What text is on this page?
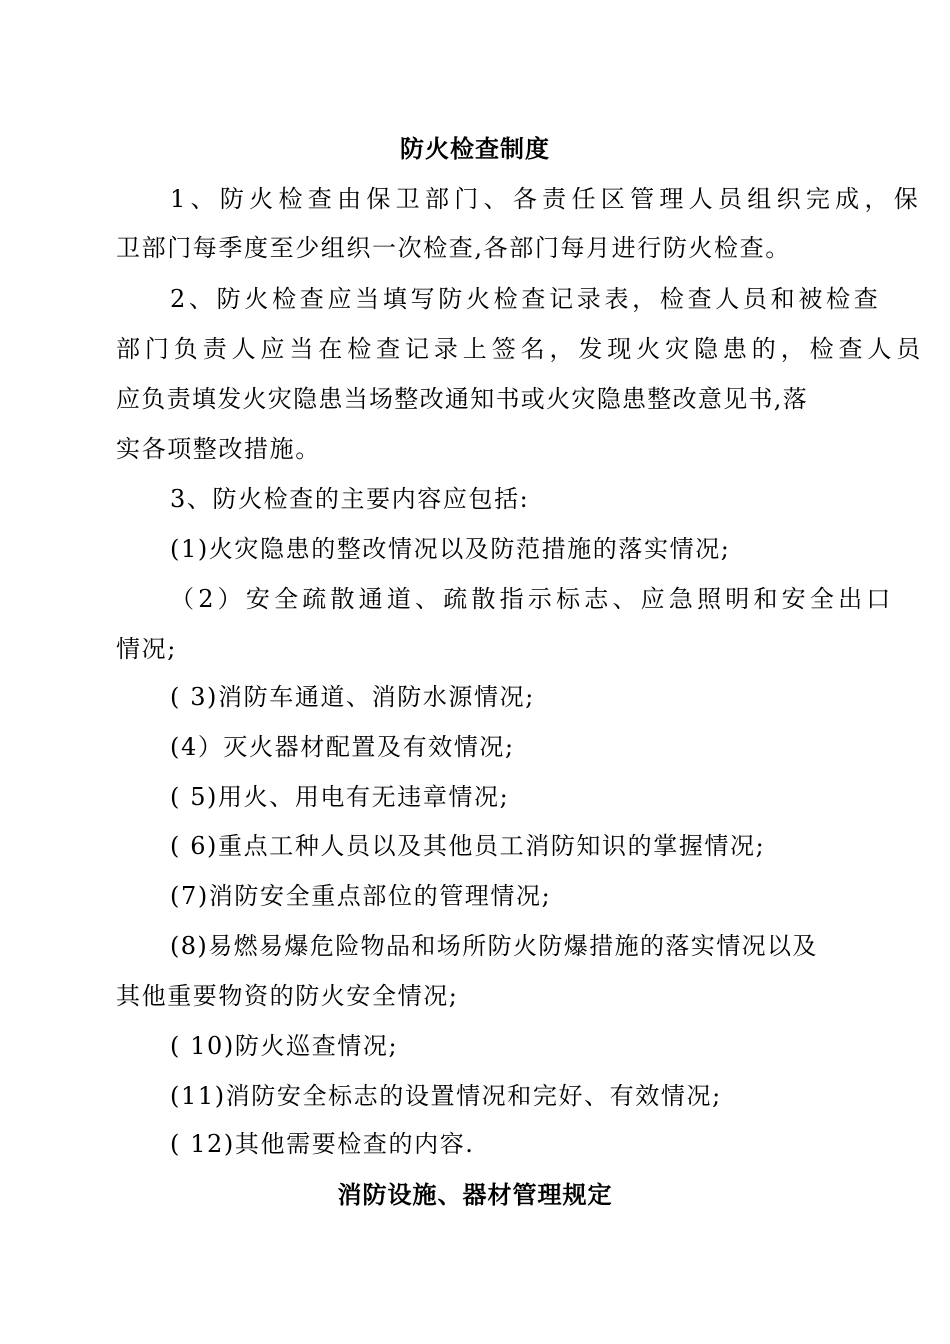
防火检查制度
1、防火检查由保卫部门、各责任区管理人员组织完成，保
卫部门每季度至少组织一次检查,各部门每月进行防火检查。
2、防火检查应当填写防火检查记录表，检查人员和被检查
部门负责人应当在检查记录上签名，发现火灾隐患的，检查人员
应负责填发火灾隐患当场整改通知书或火灾隐患整改意见书,落
实各项整改措施。
3、防火检查的主要内容应包括:
(1)火灾隐患的整改情况以及防范措施的落实情况;
（2）安全疏散通道、疏散指示标志、应急照明和安全出口
情况;
( 3)消防车通道、消防水源情况;
(4）灭火器材配置及有效情况;
( 5)用火、用电有无违章情况;
( 6)重点工种人员以及其他员工消防知识的掌握情况;
(7)消防安全重点部位的管理情况;
(8)易燃易爆危险物品和场所防火防爆措施的落实情况以及
其他重要物资的防火安全情况;
( 10)防火巡查情况;
(11)消防安全标志的设置情况和完好、有效情况;
( 12)其他需要检查的内容.
消防设施、器材管理规定
